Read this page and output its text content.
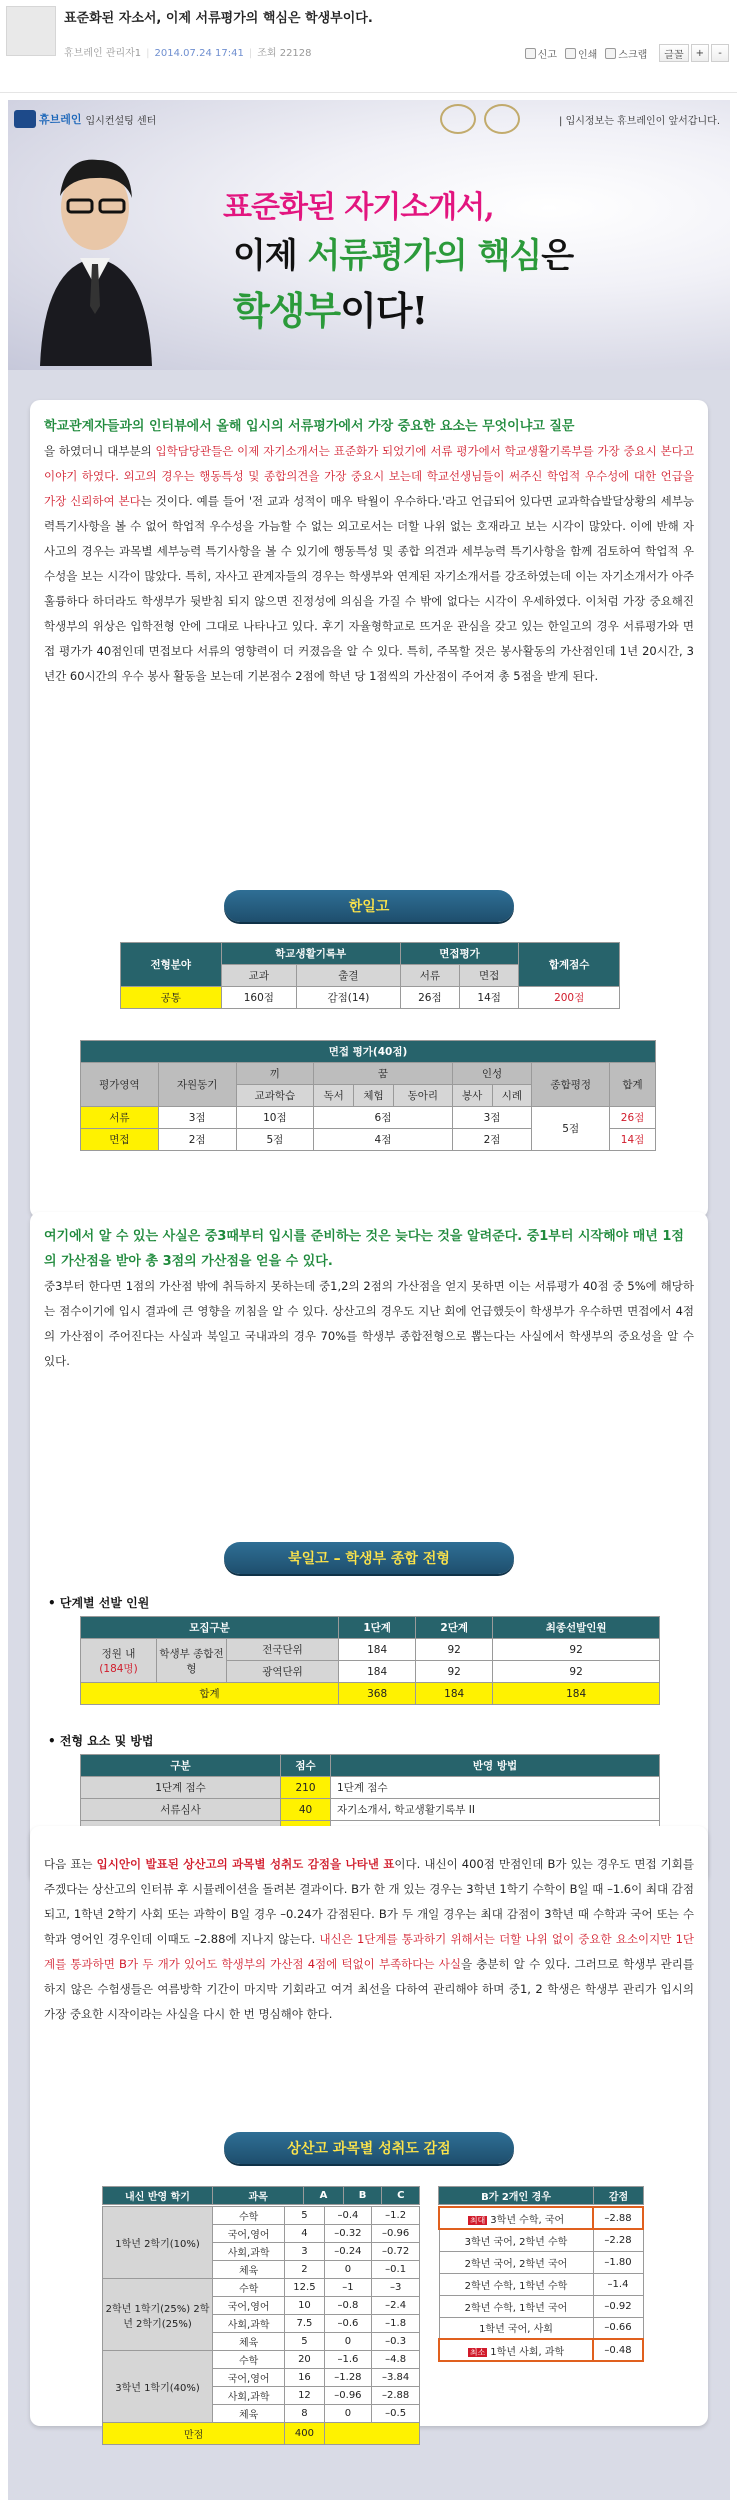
표준화된 자소서, 이제 서류평가의 핵심은 학생부이다.
휴브레인 관리자1 | 2014.07.24 17:41 | 조회 22128	신고 인쇄 스크랩	글꼴	+	-
휴브레인 입시컨설팅 센터	| 입시정보는 휴브레인이 앞서갑니다.
표준화된 자기소개서,
이제 서류평가의 핵심은
학생부이다!
학교관계자들과의 인터뷰에서 올해 입시의 서류평가에서 가장 중요한 요소는 무엇이냐고 질문
을 하였더니 대부분의 입학담당관들은 이제 자기소개서는 표준화가 되었기에 서류 평가에서 학교생활기록부를 가장 중요시 본다고 이야기 하였다. 외고의 경우는 행동특성 및 종합의견을 가장 중요시 보는데 학교선생님들이 써주신 학업적 우수성에 대한 언급을 가장 신뢰하여 본다는 것이다. 예를 들어 '전 교과 성적이 매우 탁월이 우수하다.'라고 언급되어 있다면 교과학습발달상황의 세부능력특기사항을 볼 수 없어 학업적 우수성을 가늠할 수 없는 외고로서는 더할 나위 없는 호재라고 보는 시각이 많았다. 이에 반해 자사고의 경우는 과목별 세부능력 특기사항을 볼 수 있기에 행동특성 및 종합 의견과 세부능력 특기사항을 함께 검토하여 학업적 우수성을 보는 시각이 많았다. 특히, 자사고 관계자들의 경우는 학생부와 연계된 자기소개서를 강조하였는데 이는 자기소개서가 아주 훌륭하다 하더라도 학생부가 뒷받침 되지 않으면 진정성에 의심을 가질 수 밖에 없다는 시각이 우세하였다. 이처럼 가장 중요해진 학생부의 위상은 입학전형 안에 그대로 나타나고 있다. 후기 자율형학교로 뜨거운 관심을 갖고 있는 한일고의 경우 서류평가와 면접 평가가 40점인데 면접보다 서류의 영향력이 더 커졌음을 알 수 있다. 특히, 주목할 것은 봉사활동의 가산점인데 1년 20시간, 3년간 60시간의 우수 봉사 활동을 보는데 기본점수 2점에 학년 당 1점씩의 가산점이 주어져 총 5점을 받게 된다.
한일고
전형분야	학교생활기록부		면접평가		합계점수
	교과	출결	서류	면접	
공통	160점	감점(14)	26점	14점	200점
면접 평가(40점)									
평가영역	자원동기	끼	꿈			인성		종합평정	합계
		교과학습	독서	체험	동아리	봉사	시례		
서류	3점	10점	6점			3점		5점	26점
면접	2점	5점	4점			2점			14점
여기에서 알 수 있는 사실은 중3때부터 입시를 준비하는 것은 늦다는 것을 알려준다. 중1부터 시작해야 매년 1점의 가산점을 받아 총 3점의 가산점을 얻을 수 있다.
중3부터 한다면 1점의 가산점 밖에 취득하지 못하는데 중1,2의 2점의 가산점을 얻지 못하면 이는 서류평가 40점 중 5%에 해당하는 점수이기에 입시 결과에 큰 영향을 끼침을 알 수 있다. 상산고의 경우도 지난 회에 언급했듯이 학생부가 우수하면 면접에서 4점의 가산점이 주어진다는 사실과 북일고 국내과의 경우 70%를 학생부 종합전형으로 뽑는다는 사실에서 학생부의 중요성을 알 수 있다.
북일고 – 학생부 종합 전형
• 단계별 선발 인원
모집구분			1단계	2단계	최종선발인원
정원 내
(184명)	학생부 종합전형	전국단위	184	92	92
		광역단위	184	92	92
합계			368	184	184
• 전형 요소 및 방법
구분	점수	반영 방법
1단계 점수	210	1단계 점수
서류심사	40	자기소개서, 학교생활기록부 II

다음 표는 입시안이 발표된 상산고의 과목별 성취도 감점을 나타낸 표이다. 내신이 400점 만점인데 B가 있는 경우도 면접 기회를 주겠다는 상산고의 인터뷰 후 시뮬레이션을 돌려본 결과이다. B가 한 개 있는 경우는 3학년 1학기 수학이 B일 때 –1.6이 최대 감점되고, 1학년 2학기 사회 또는 과학이 B일 경우 –0.24가 감점된다. B가 두 개일 경우는 최대 감점이 3학년 때 수학과 국어 또는 수학과 영어인 경우인데 이때도 –2.88에 지나지 않는다. 내신은 1단계를 통과하기 위해서는 더할 나위 없이 중요한 요소이지만 1단계를 통과하면 B가 두 개가 있어도 학생부의 가산점 4점에 턱없이 부족하다는 사실을 충분히 알 수 있다. 그러므로 학생부 관리를 하지 않은 수험생들은 여름방학 기간이 마지막 기회라고 여겨 최선을 다하여 관리해야 하며 중1, 2 학생은 학생부 관리가 입시의 가장 중요한 시작이라는 사실을 다시 한 번 명심해야 한다.
상산고 과목별 성취도 감점
내신 반영 학기	과목	A	B	C
1학년 2학기(10%)	수학	5	–0.4	–1.2
	국어,영어	4	–0.32	–0.96
	사회,과학	3	–0.24	–0.72
	체육	2	0	–0.1
2학년 1학기(25%) 2학년 2학기(25%)	수학	12.5	–1	–3
	국어,영어	10	–0.8	–2.4
	사회,과학	7.5	–0.6	–1.8
	체육	5	0	–0.3
3학년 1학기(40%)	수학	20	–1.6	–4.8
	국어,영어	16	–1.28	–3.84
	사회,과학	12	–0.96	–2.88
	체육	8	0	–0.5
만점		400		
B가 2개인 경우	감점
최대 3학년 수학, 국어	–2.88
3학년 국어, 2학년 수학	–2.28
2학년 국어, 2학년 국어	–1.80
2학년 수학, 1학년 수학	–1.4
2학년 수학, 1학년 국어	–0.92
1학년 국어, 사회	–0.66
최소 1학년 사회, 과학	–0.48
